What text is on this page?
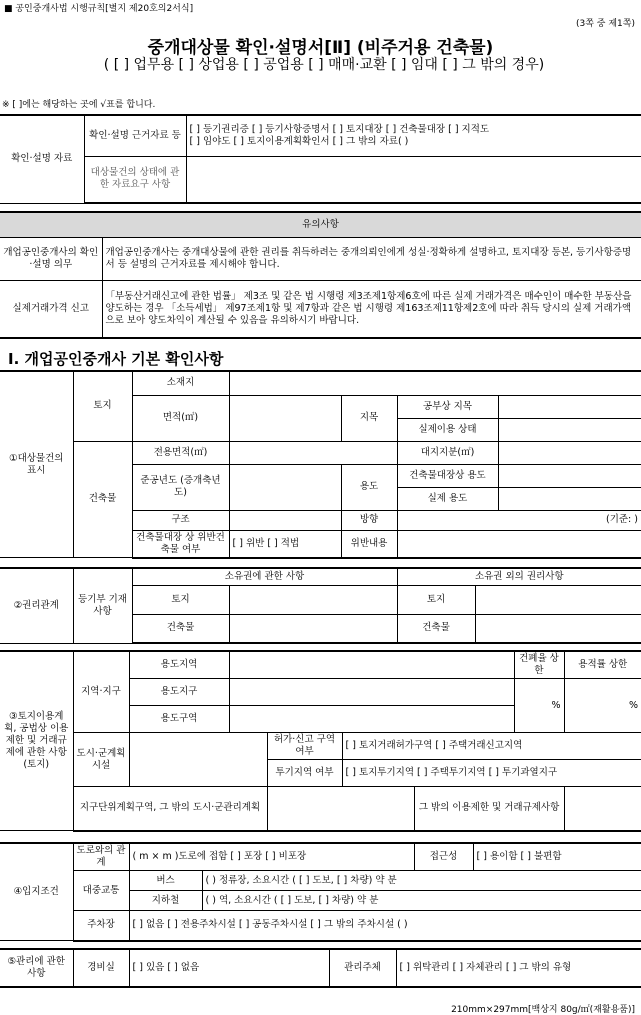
■ 공인중개사법 시행규칙[별지 제20호의2서식]
(3쪽 중 제1쪽)
중개대상물 확인·설명서[Ⅱ] (비주거용 건축물)
( [ ] 업무용 [ ] 상업용 [ ] 공업용 [ ] 매매·교환 [ ] 임대 [ ] 그 밖의 경우)
※ [ ]에는 해당하는 곳에 √표를 합니다.
확인·설명 자료	확인·설명 근거자료 등	[ ] 등기권리증 [ ] 등기사항증명서 [ ] 토지대장 [ ] 건축물대장 [ ] 지적도
[ ] 임야도 [ ] 토지이용계획확인서 [ ] 그 밖의 자료( )

	대상물건의 상태에 관한 자료요구 사항	
유의사항	
개업공인중개사의 확인·설명 의무	개업공인중개사는 중개대상물에 관한 권리를 취득하려는 중개의뢰인에게 성실·정확하게 설명하고, 토지대장 등본, 등기사항증명서 등 설명의 근거자료를 제시해야 합니다.
실제거래가격 신고	「부동산거래신고에 관한 법률」 제3조 및 같은 법 시행령 제3조제1항제6호에 따른 실제 거래가격은 매수인이 매수한 부동산을 양도하는 경우 「소득세법」 제97조제1항 및 제7항과 같은 법 시행령 제163조제11항제2호에 따라 취득 당시의 실제 거래가액으로 보아 양도차익이 계산될 수 있음을 유의하시기 바랍니다.
Ⅰ. 개업공인중개사 기본 확인사항
①대상물건의 표시	토지	소재지				
		면적(㎡)		지목	공부상 지목	
					실제이용 상태	
	건축물	전용면적(㎡)			대지지분(㎡)	
		준공년도 (증개축년도)		용도	건축물대장상 용도	
					실제 용도	
		구조		방향	(기준: )	
		건축물대장 상 위반건축물 여부	[ ] 위반 [ ] 적법	위반내용		
②권리관계	등기부 기재사항	소유권에 관한 사항		소유권 외의 권리사항	
		토지		토지	
		건축물		건축물	
③토지이용계획, 공법상 이용제한 및 거래규제에 관한 사항(토지)	지역·지구	용도지역					건폐율 상한	용적률 상한
		용도지구					%	%
		용도구역						
	도시·군계획 시설			허가·신고 구역 여부	[ ] 토지거래허가구역 [ ] 주택거래신고지역			
				투기지역 여부	[ ] 토지투기지역 [ ] 주택투기지역 [ ] 투기과열지구			
	지구단위계획구역, 그 밖의 도시·군관리계획					그 밖의 이용제한 및 거래규제사항		
④입지조건	도로와의 관계	( m × m )도로에 접함 [ ] 포장 [ ] 비포장		접근성	[ ] 용이함 [ ] 불편함
	대중교통	버스	( ) 정류장, 소요시간 ( [ ] 도보, [ ] 차량) 약 분		
		지하철	( ) 역, 소요시간 ( [ ] 도보, [ ] 차량) 약 분		
	주차장	[ ] 없음 [ ] 전용주차시설 [ ] 공동주차시설 [ ] 그 밖의 주차시설 ( )			
⑤관리에 관한사항	경비실	[ ] 있음 [ ] 없음	관리주체	[ ] 위탁관리 [ ] 자체관리 [ ] 그 밖의 유형
210mm×297mm[백상지 80g/㎡(재활용품)]
